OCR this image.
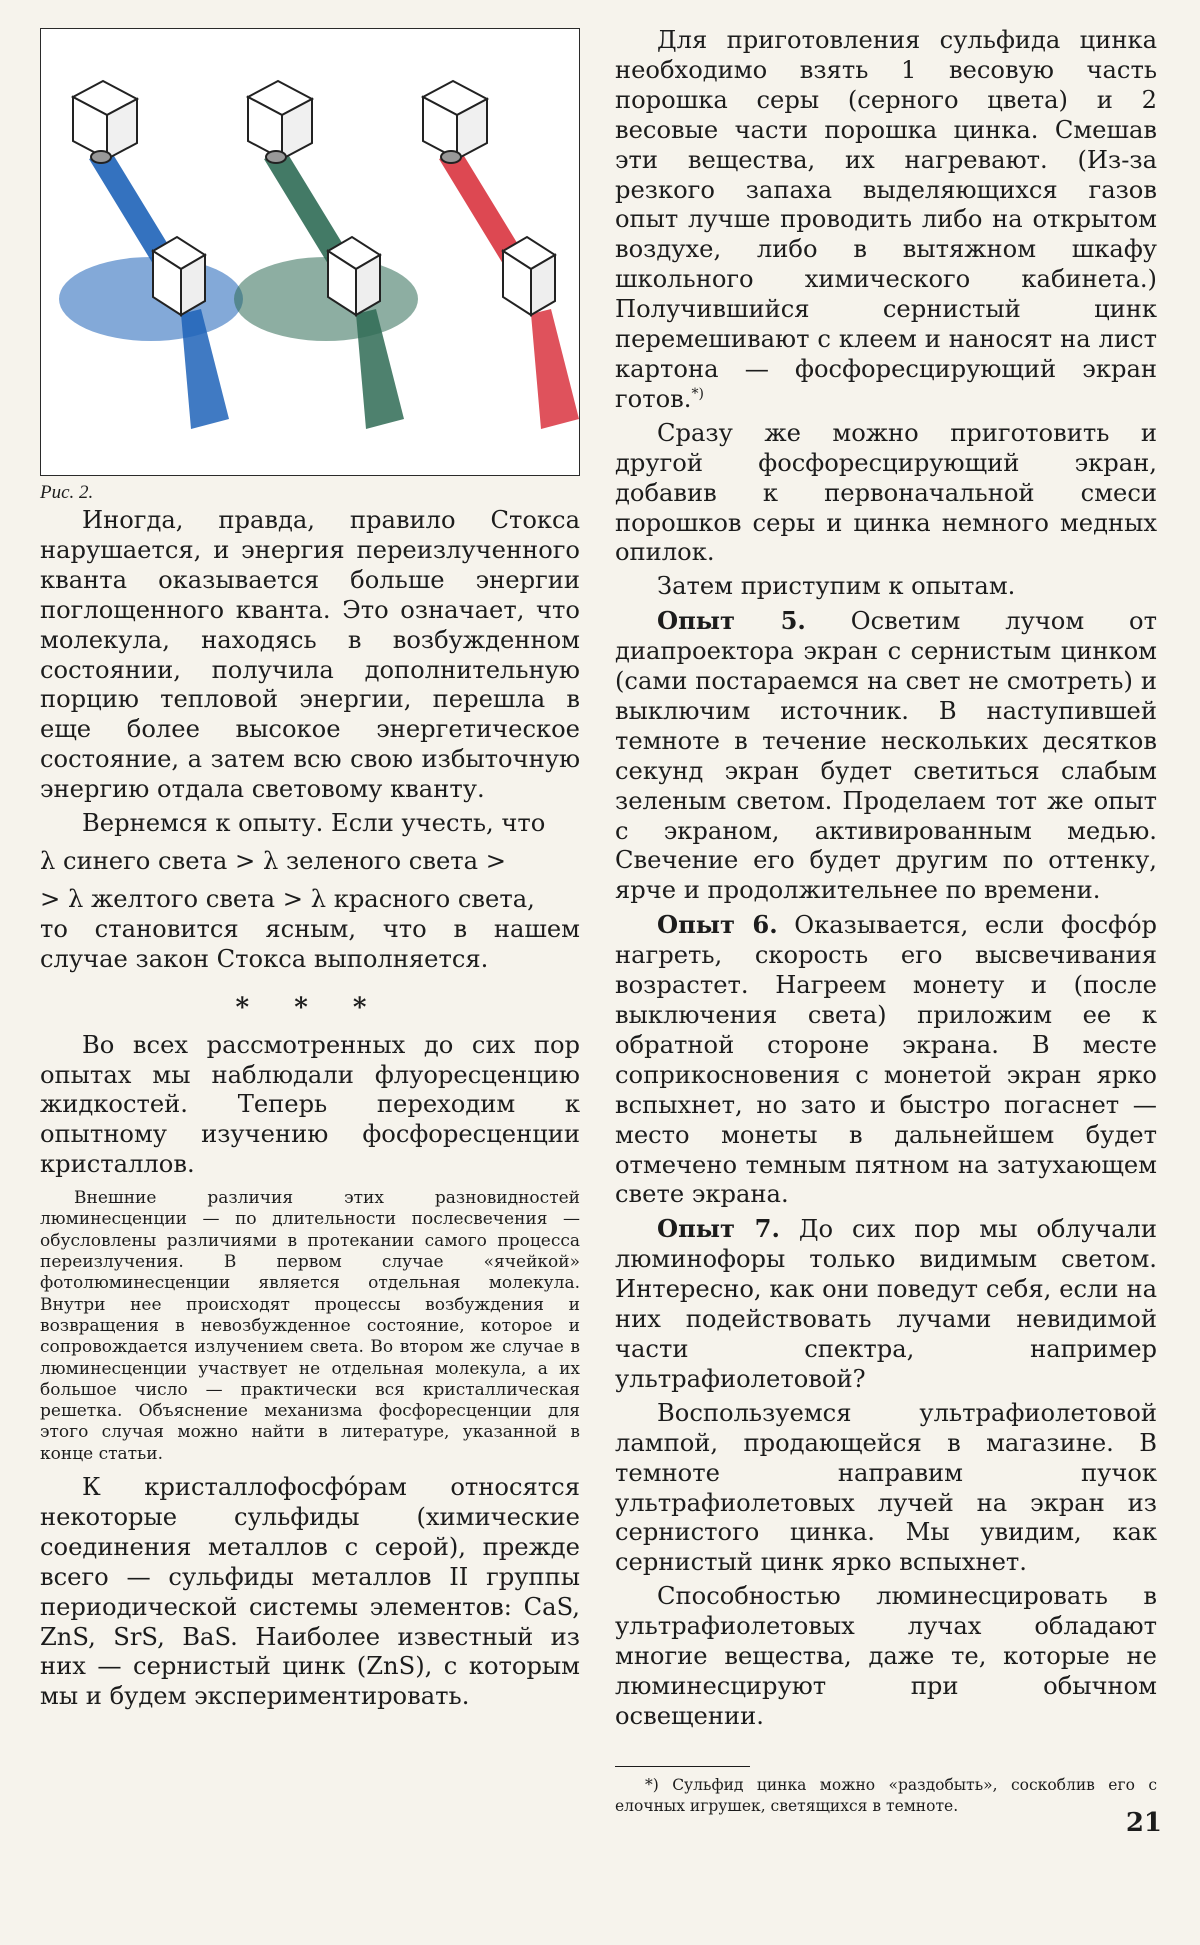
Рис. 2.

Иногда, правда, правило Стокса нарушается, и энергия переизлученного кванта оказывается больше энергии поглощенного кванта. Это означает, что молекула, находясь в возбужденном состоянии, получила дополнительную порцию тепловой энергии, перешла в еще более высокое энергетическое состояние, а затем всю свою избыточную энергию отдала световому кванту.

Вернемся к опыту. Если учесть, что

λ синего света > λ зеленого света >
> λ желтого света > λ красного света,

то становится ясным, что в нашем случае закон Стокса выполняется.

* * *

Во всех рассмотренных до сих пор опытах мы наблюдали флуоресценцию жидкостей. Теперь переходим к опытному изучению фосфоресценции кристаллов.

Внешние различия этих разновидностей люминесценции — по длительности послесвечения — обусловлены различиями в протекании самого процесса переизлучения. В первом случае «ячейкой» фотолюминесценции является отдельная молекула. Внутри нее происходят процессы возбуждения и возвращения в невозбужденное состояние, которое и сопровождается излучением света. Во втором же случае в люминесценции участвует не отдельная молекула, а их большое число — практически вся кристаллическая решетка. Объяснение механизма фосфоресценции для этого случая можно найти в литературе, указанной в конце статьи.

К кристаллофосфо́рам относятся некоторые сульфиды (химические соединения металлов с серой), прежде всего — сульфиды металлов II группы периодической системы элементов: CaS, ZnS, SrS, BaS. Наиболее известный из них — сернистый цинк (ZnS), с которым мы и будем экспериментировать.

Для приготовления сульфида цинка необходимо взять 1 весовую часть порошка серы (серного цвета) и 2 весовые части порошка цинка. Смешав эти вещества, их нагревают. (Из-за резкого запаха выделяющихся газов опыт лучше проводить либо на открытом воздухе, либо в вытяжном шкафу школьного химического кабинета.) Получившийся сернистый цинк перемешивают с клеем и наносят на лист картона — фосфоресцирующий экран готов.*)

Сразу же можно приготовить и другой фосфоресцирующий экран, добавив к первоначальной смеси порошков серы и цинка немного медных опилок.

Затем приступим к опытам.

Опыт 5. Осветим лучом от диапроектора экран с сернистым цинком (сами постараемся на свет не смотреть) и выключим источник. В наступившей темноте в течение нескольких десятков секунд экран будет светиться слабым зеленым светом. Проделаем тот же опыт с экраном, активированным медью. Свечение его будет другим по оттенку, ярче и продолжительнее по времени.

Опыт 6. Оказывается, если фосфо́р нагреть, скорость его высвечивания возрастет. Нагреем монету и (после выключения света) приложим ее к обратной стороне экрана. В месте соприкосновения с монетой экран ярко вспыхнет, но зато и быстро погаснет — место монеты в дальнейшем будет отмечено темным пятном на затухающем свете экрана.

Опыт 7. До сих пор мы облучали люминофоры только видимым светом. Интересно, как они поведут себя, если на них подействовать лучами невидимой части спектра, например ультрафиолетовой?

Воспользуемся ультрафиолетовой лампой, продающейся в магазине. В темноте направим пучок ультрафиолетовых лучей на экран из сернистого цинка. Мы увидим, как сернистый цинк ярко вспыхнет.

Способностью люминесцировать в ультрафиолетовых лучах обладают многие вещества, даже те, которые не люминесцируют при обычном освещении.

*) Сульфид цинка можно «раздобыть», соскоблив его с елочных игрушек, светящихся в темноте.

21
